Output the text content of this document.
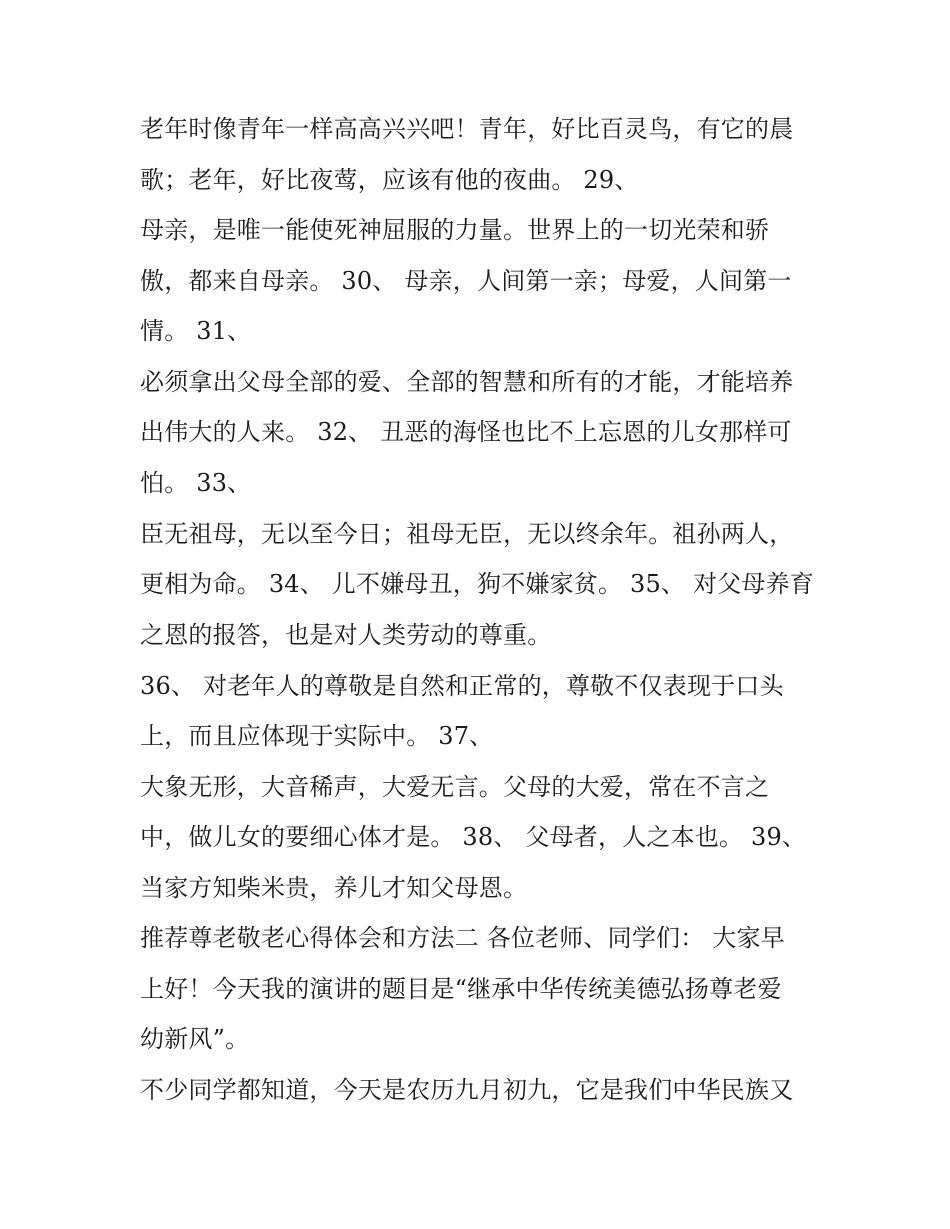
老年时像青年一样高高兴兴吧！青年，好比百灵鸟，有它的晨
歌；老年，好比夜莺，应该有他的夜曲。 29、
母亲，是唯一能使死神屈服的力量。世界上的一切光荣和骄
傲，都来自母亲。 30、 母亲，人间第一亲；母爱，人间第一
情。 31、
必须拿出父母全部的爱、全部的智慧和所有的才能，才能培养
出伟大的人来。 32、 丑恶的海怪也比不上忘恩的儿女那样可
怕。 33、
臣无祖母，无以至今日；祖母无臣，无以终余年。祖孙两人，
更相为命。 34、 儿不嫌母丑，狗不嫌家贫。 35、 对父母养育
之恩的报答，也是对人类劳动的尊重。
36、 对老年人的尊敬是自然和正常的，尊敬不仅表现于口头
上，而且应体现于实际中。 37、
大象无形，大音稀声，大爱无言。父母的大爱，常在不言之
中，做儿女的要细心体才是。 38、 父母者，人之本也。 39、
当家方知柴米贵，养儿才知父母恩。
推荐尊老敬老心得体会和方法二 各位老师、同学们： 大家早
上好！今天我的演讲的题目是“继承中华传统美德弘扬尊老爱
幼新风”。
不少同学都知道，今天是农历九月初九，它是我们中华民族又
